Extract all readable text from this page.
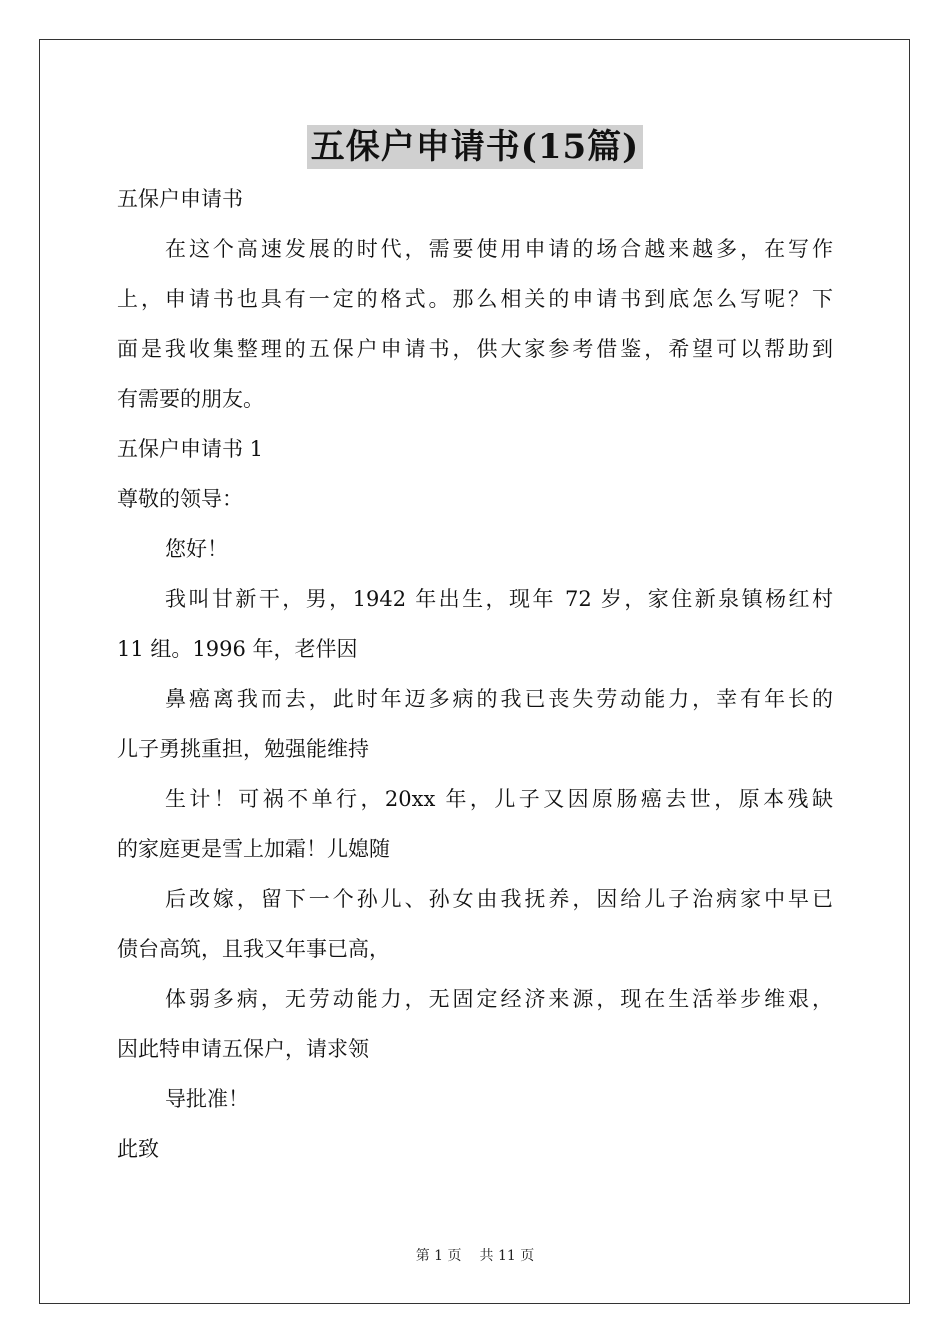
五保户申请书(15篇)
五保户申请书
在这个高速发展的时代，需要使用申请的场合越来越多，在写作
上，申请书也具有一定的格式。那么相关的申请书到底怎么写呢？下
面是我收集整理的五保户申请书，供大家参考借鉴，希望可以帮助到
有需要的朋友。
五保户申请书 1
尊敬的领导：
您好！
我叫甘新干，男，1942 年出生，现年 72 岁，家住新泉镇杨红村
11 组。1996 年，老伴因
鼻癌离我而去，此时年迈多病的我已丧失劳动能力，幸有年长的
儿子勇挑重担，勉强能维持
生计！可祸不单行，20xx 年，儿子又因原肠癌去世，原本残缺
的家庭更是雪上加霜！儿媳随
后改嫁，留下一个孙儿、孙女由我抚养，因给儿子治病家中早已
债台高筑，且我又年事已高，
体弱多病，无劳动能力，无固定经济来源，现在生活举步维艰，
因此特申请五保户，请求领
导批准！
此致
第 1 页 共 11 页
